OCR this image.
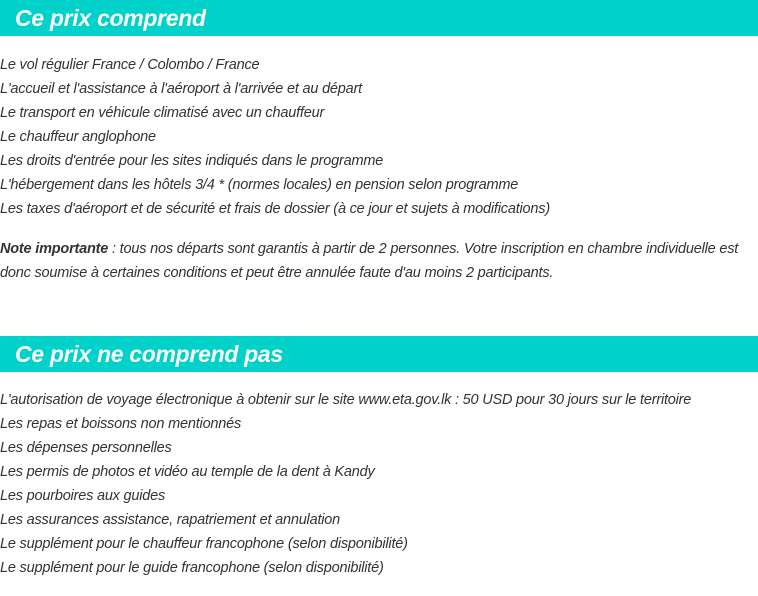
Ce prix comprend
Le vol régulier France / Colombo / France
L'accueil et l'assistance à l'aéroport à l'arrivée et au départ
Le transport en véhicule climatisé avec un chauffeur
Le chauffeur anglophone
Les droits d'entrée pour les sites indiqués dans le programme
L'hébergement dans les hôtels 3/4 * (normes locales) en pension selon programme
Les taxes d'aéroport et de sécurité et frais de dossier (à ce jour et sujets à modifications)

Note importante : tous nos départs sont garantis à partir de 2 personnes. Votre inscription en chambre individuelle est donc soumise à certaines conditions et peut être annulée faute d'au moins 2 participants.

Ce prix ne comprend pas
L'autorisation de voyage électronique à obtenir sur le site www.eta.gov.lk : 50 USD pour 30 jours sur le territoire
Les repas et boissons non mentionnés
Les dépenses personnelles
Les permis de photos et vidéo au temple de la dent à Kandy
Les pourboires aux guides
Les assurances assistance, rapatriement et annulation
Le supplément pour le chauffeur francophone (selon disponibilité)
Le supplément pour le guide francophone (selon disponibilité)
